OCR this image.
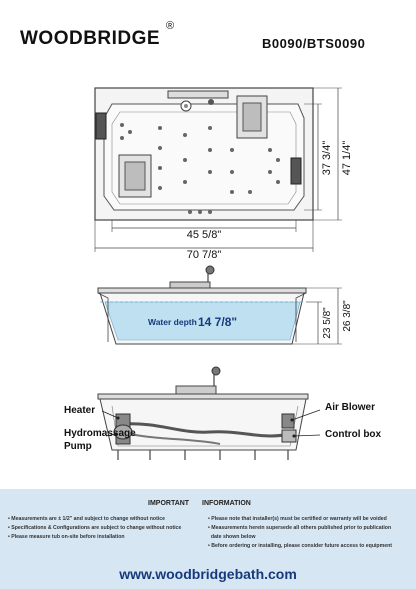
WOODBRIDGE
®
B0090/BTS0090
45 5/8"
70 7/8"
37 3/4" 47 1/4"
Water depth 14 7/8"	23 5/8" 26 3/8"
Heater
Hydromassage
Pump
Air Blower
Control box
IMPORTANT INFORMATION
• Measurements are ± 1/2" and subject to change without notice
• Specifications & Configurations are subject to change without notice
• Please measure tub on-site before installation
• Please note that installer(s) must be certified or warranty will be voided
• Measurements herein supersede all others published prior to publication
date shown below
• Before ordering or installing, please consider future access to equipment
www.woodbridgebath.com
